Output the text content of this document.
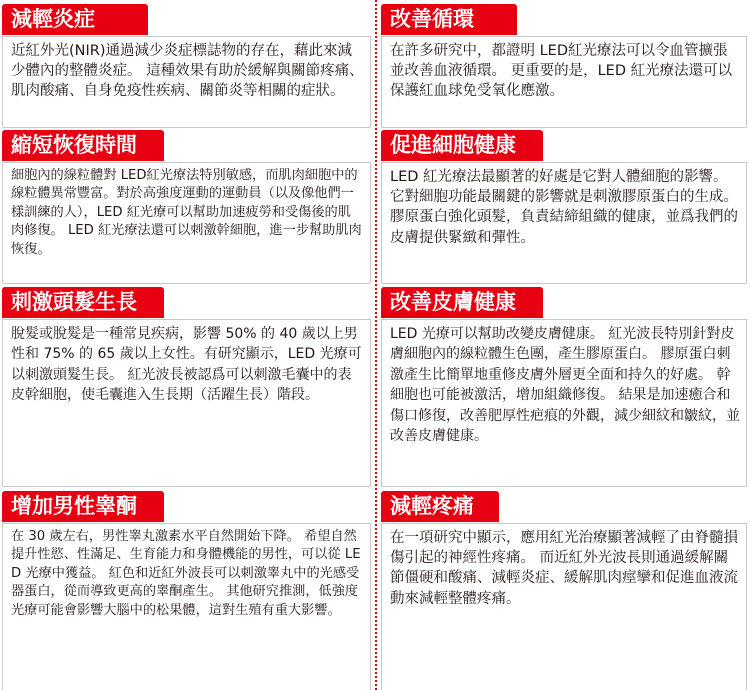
減輕炎症

近紅外光(NIR)通過減少炎症標誌物的存在，藉此來減少體內的整體炎症。 這種效果有助於緩解與關節疼痛、肌肉酸痛、自身免疫性疾病、關節炎等相關的症狀。

改善循環

在許多研究中，都證明 LED紅光療法可以令血管擴張並改善血液循環。 更重要的是，LED 紅光療法還可以保護紅血球免受氧化應激。

縮短恢復時間

細胞內的線粒體對 LED紅光療法特別敏感，而肌肉細胞中的線粒體異常豐富。對於高強度運動的運動員（以及像他們一樣訓練的人），LED 紅光療可以幫助加速疲勞和受傷後的肌肉修復。 LED 紅光療法還可以刺激幹細胞，進一步幫助肌肉恢復。

促進細胞健康

LED 紅光療法最顯著的好處是它對人體細胞的影響。 它對細胞功能最關鍵的影響就是刺激膠原蛋白的生成。 膠原蛋白強化頭髮，負責結締組織的健康，並爲我們的皮膚提供緊緻和彈性。

刺激頭髮生長

脫髮或脫髮是一種常見疾病，影響 50% 的 40 歲以上男性和 75% 的 65 歲以上女性。有研究顯示，LED 光療可以刺激頭髮生長。 紅光波長被認爲可以刺激毛囊中的表皮幹細胞，使毛囊進入生長期（活躍生長）階段。

改善皮膚健康

LED 光療可以幫助改變皮膚健康。 紅光波長特別針對皮膚細胞內的線粒體生色團，產生膠原蛋白。 膠原蛋白刺激產生比簡單地重修皮膚外層更全面和持久的好處。 幹細胞也可能被激活，增加組織修復。 結果是加速癒合和傷口修復，改善肥厚性疤痕的外觀，減少細紋和皺紋，並改善皮膚健康。

增加男性睾酮

在 30 歲左右，男性睾丸激素水平自然開始下降。 希望自然提升性慾、性滿足、生育能力和身體機能的男性，可以從 LED 光療中獲益。 紅色和近紅外波長可以刺激睾丸中的光感受器蛋白，從而導致更高的睾酮產生。 其他研究推測，低強度光療可能會影響大腦中的松果體，這對生殖有重大影響。

減輕疼痛

在一項研究中顯示，應用紅光治療顯著減輕了由脊髓損傷引起的神經性疼痛。 而近紅外光波長則通過緩解關節僵硬和酸痛、減輕炎症、緩解肌肉痙攣和促進血液流動來減輕整體疼痛。
